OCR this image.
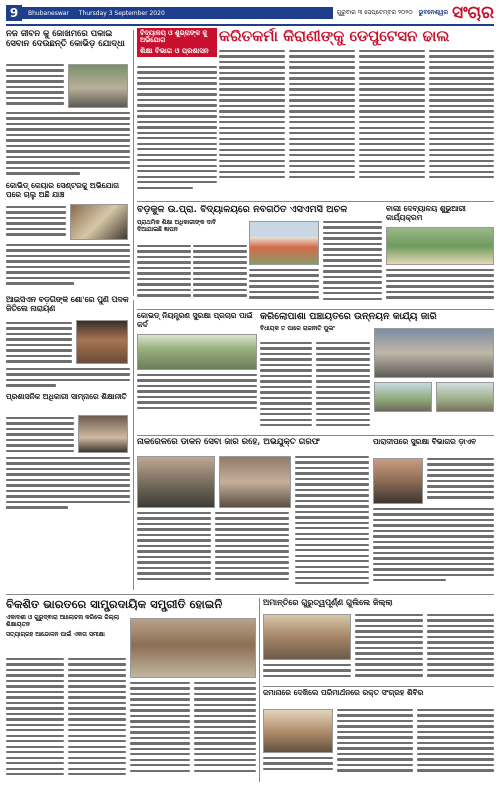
9	Bhubaneswar Thursday 3 September 2020	ଗୁରୁବାର ୩ ସେପ୍ଟେମ୍ବର ୨୦୨୦ ଭୁବନେଶ୍ୱର ସଂଚାର
ନିଜ ଜୀବନ କୁ ଜୋଖିମରେ ପକାଇ ସେବାନ ଦେଉଛନ୍ତି କୋଭିଡ଼ ଯୋଦ୍ଧା
ବିଦ୍ୟାଳୟ ଓ ଶୁଭ୍ରାଙ୍କ କୁ ଅଭିଯୋଗ
ଶିକ୍ଷା ବିଭାଗ ଓ ପ୍ରଶାସନ
କରିତକର୍ମା କିରାଣୀଙ୍କୁ ଡେପୁଟେସନ ଢାଲ
କୋଭିଡ୍‌ କେୟାର ସେଣ୍ଟରକୁ ଅଭିଯୋଗ ପରେ ଚାଲୁ ଅଛି ଯାଞ୍ଚ
ବଡ଼କୁଳ ଉ.ପ୍ରା. ବିଦ୍ୟାଳୟରେ ନବଗଠିତ ଏସଏମସି ଅଚଳ
ପ୍ରାଥମିକ ଶିକ୍ଷା ଅଧିକାରୀଙ୍କ ଦାବି
ଦିଆଯାଇଛି ଜ୍ଞାପନ
ବାଲୀ ଦେବ୍ୟାଳୟ ଶୁଭୁଆରୀ କାର୍ଯ୍ୟକ୍ରମ
ଆଇସିଏନ ବଡ଼ଗିଙ୍କି ଶୋ'ରେ ପୁଣି ପଦକ ଜିତିଲେ ନାରାୟଣ
କୋଭଡ୍ ନିୟନ୍ତ୍ରଣ ସୁରକ୍ଷା ପ୍ରଚାର ପାଇଁ କର୍ଦ
କରିଲୋପାଶା ପଞ୍ଚାୟତରେ ଉନ୍ନୟନ କାର୍ଯ୍ୟ ଜାରି
ବିଧାୟକ ତ ପାରେ ରାଜନୀତି ପୁଲଂ
ପ୍ରଶାସନିକ ଅଧିକାରୀ ସାମ୍ନାରେ ଶିକ୍ଷାନୀତି
ନାକରେଳରେ ଡାକିନି ସେବା ଜାରି ରହେ, ଅଭିଯୁକ୍ତ ଗିରଫ	ପାରାଦୀପରେ ସୁରକ୍ଷା ବିଭାଗର ଡ଼ାଏବ
ବିକଶିତ ଭାରତରେ ସାମ୍ପ୍ରଦାୟିକ ସମ୍ପ୍ରୀତି ହୋଇନି
ଏକାଦଶୀ ଓ ଗୁରୁଦ୍ଵାରା ଆଲୋଚନା କରିଲେ ଜିଲ୍ଲା ଶିକ୍ଷାୟତନ
ସତ୍ୟାଗ୍ରହ ଆନ୍ଦୋଳନ ପାଇଁ ଏକତା ସମୀକ୍ଷା
ଅମାନ୍ତିରେ ଗୁରୁତ୍ୱପୂର୍ଣ୍ଣ ଗୁଲିଲେ ଜିଲ୍ଲା
ଜମାନାରେ ଦେଖିଲେ ପରିମାର୍ଥନରେ ରକ୍ତ ସଂଗ୍ରହ ଶିବିର
